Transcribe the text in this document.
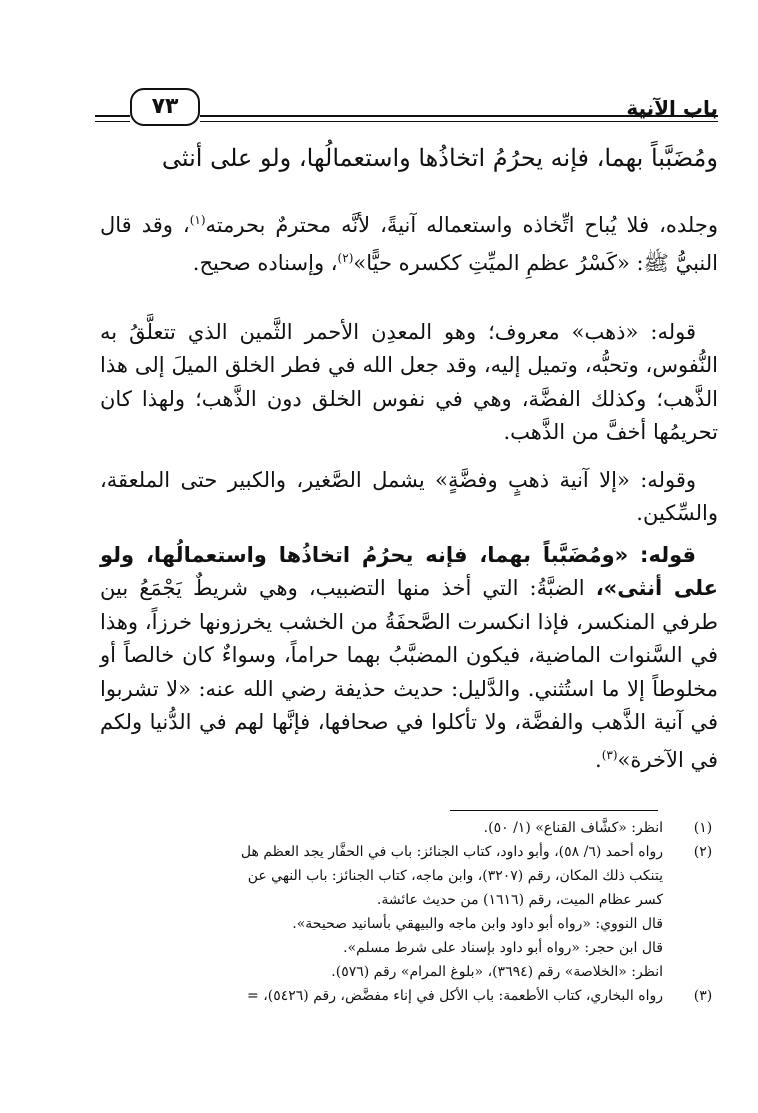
باب الآنية
٧٣
ومُضَبَّباً بهما، فإنه يحرُمُ اتخاذُها واستعمالُها، ولو على أنثى
وجلده، فلا يُباح اتِّخاذه واستعماله آنيةً، لأنَّه محترمٌ بحرمته$^{(١)}$، وقد قال النبيُّ ﷺ: «كَسْرُ عظمِ الميِّتِ ككسره حيًّا»$^{(٢)}$، وإسناده صحيح.
قوله: «ذهب» معروف؛ وهو المعدِن الأحمر الثَّمين الذي تتعلَّقُ به النُّفوس، وتحبُّه، وتميل إليه، وقد جعل الله في فطر الخلق الميلَ إلى هذا الذَّهب؛ وكذلك الفضَّة، وهي في نفوس الخلق دون الذَّهب؛ ولهذا كان تحريمُها أخفَّ من الذَّهب.
وقوله: «إلا آنية ذهبٍ وفضَّةٍ» يشمل الصَّغير، والكبير حتى الملعقة، والسِّكين.
قوله: «ومُضَبَّباً بهما، فإنه يحرُمُ اتخاذُها واستعمالُها، ولو على أنثى»، الضبَّةُ: التي أخذ منها التضبيب، وهي شريطٌ يَجْمَعُ بين طرفي المنكسر، فإذا انكسرت الصَّحفَةُ من الخشب يخرزونها خرزاً، وهذا في السَّنوات الماضية، فيكون المضبَّبُ بهما حراماً، وسواءٌ كان خالصاً أو مخلوطاً إلا ما استُثني. والدَّليل: حديث حذيفة رضي الله عنه: «لا تشربوا في آنية الذَّهب والفضَّة، ولا تأكلوا في صحافها، فإنَّها لهم في الدُّنيا ولكم في الآخرة»$^{(٣)}$.
(١)
انظر: «كشَّاف القناع» (١/ ٥٠).
(٢)
رواه أحمد (٦/ ٥٨)، وأبو داود، كتاب الجنائز: باب في الحفَّار يجد العظم هل
يتنكب ذلك المكان، رقم (٣٢٠٧)، وابن ماجه، كتاب الجنائز: باب النهي عن
كسر عظام الميت، رقم (١٦١٦) من حديث عائشة.
قال النووي: «رواه أبو داود وابن ماجه والبيهقي بأسانيد صحيحة».
قال ابن حجر: «رواه أبو داود بإسناد على شرط مسلم».
انظر: «الخلاصة» رقم (٣٦٩٤)، «بلوغ المرام» رقم (٥٧٦).
(٣)
رواه البخاري، كتاب الأطعمة: باب الأكل في إناء مفضَّض، رقم (٥٤٢٦)، =
